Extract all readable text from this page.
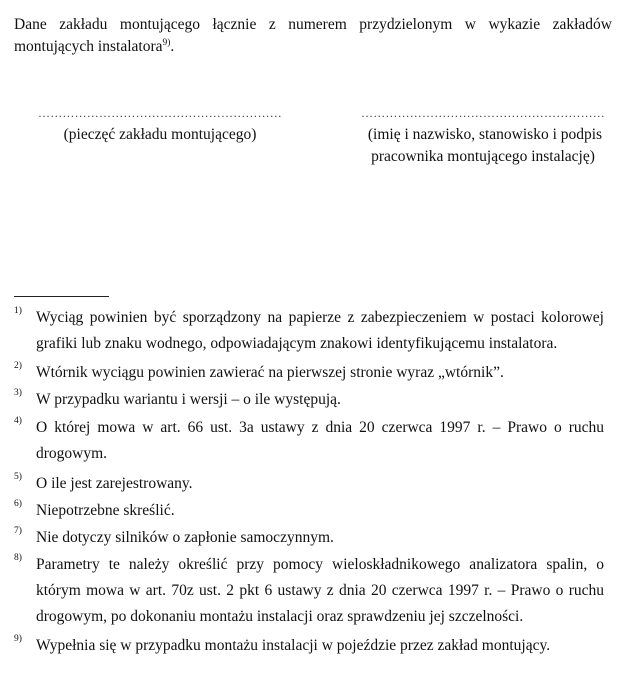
Dane zakładu montującego łącznie z numerem przydzielonym w wykazie zakładów montujących instalatora$^{9)}$.
……………………………………………………
(pieczęć zakładu montującego)
……………………………………………………
(imię i nazwisko, stanowisko i podpis
pracownika montującego instalację)
1) Wyciąg powinien być sporządzony na papierze z zabezpieczeniem w postaci kolorowej grafiki lub znaku wodnego, odpowiadającym znakowi identyfikującemu instalatora.
2) Wtórnik wyciągu powinien zawierać na pierwszej stronie wyraz „wtórnik”.
3) W przypadku wariantu i wersji – o ile występują.
4) O której mowa w art. 66 ust. 3a ustawy z dnia 20 czerwca 1997 r. – Prawo o ruchu drogowym.
5) O ile jest zarejestrowany.
6) Niepotrzebne skreślić.
7) Nie dotyczy silników o zapłonie samoczynnym.
8) Parametry te należy określić przy pomocy wieloskładnikowego analizatora spalin, o którym mowa w art. 70z ust. 2 pkt 6 ustawy z dnia 20 czerwca 1997 r. – Prawo o ruchu drogowym, po dokonaniu montażu instalacji oraz sprawdzeniu jej szczelności.
9) Wypełnia się w przypadku montażu instalacji w pojeździe przez zakład montujący.
